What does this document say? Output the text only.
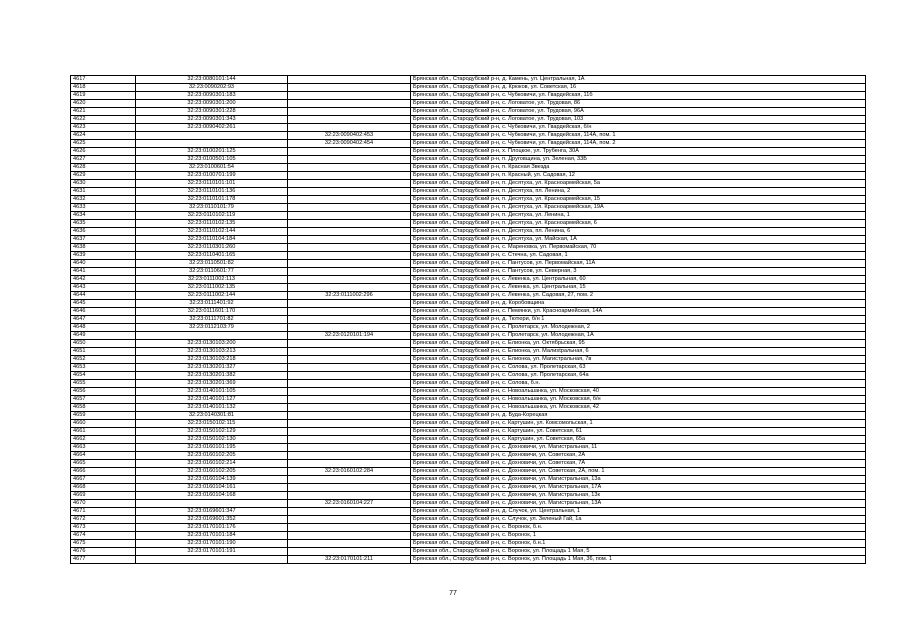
4617	32:23:0080101:144		Брянская обл., Стародубский р-н, д. Камень, ул. Центральная, 1А
4618	32:23:0090202:93		Брянская обл., Стародубский р-н, д. Крюков, ул. Советская, 16
4619	32:23:0090301:183		Брянская обл., Стародубский р-н, с. Чубковичи, ул. Гвардейская, 11б
4620	32:23:0090301:200		Брянская обл., Стародубский р-н, с. Логоватое, ул. Трудовая, 86
4621	32:23:0090301:228		Брянская обл., Стародубский р-н, с. Логоватое, ул. Трудовая, 96А
4622	32:23:0090301:343		Брянская обл., Стародубский р-н, с. Логоватое, ул. Трудовая, 103
4623	32:23:0090402:261		Брянская обл., Стародубский р-н, с. Чубковичи, ул. Гвардейская, б/н
4624		32:23:0090402:453	Брянская обл., Стародубский р-н, с. Чубковичи, ул. Гвардейская, 114А, пом. 1
4625		32:23:0090402:454	Брянская обл., Стародубский р-н, с. Чубковичи, ул. Гвардейская, 114А, пом. 2
4626	32:23:0100201:125		Брянская обл., Стародубский р-н, х. Плоцкое, ул. Трубенга, 30А
4627	32:23:0100501:105		Брянская обл., Стародубский р-н, п. Друговщина, ул. Зеленая, 33Б
4628	32:23:0100601:54		Брянская обл., Стародубский р-н, п. Красная Звезда
4629	32:23:0100701:199		Брянская обл., Стародубский р-н, п. Красный, ул. Садовая, 12
4630	32:23:0110101:101		Брянская обл., Стародубский р-н, п. Десятуха, ул. Красноармейская, 5а
4631	32:23:0110101:136		Брянская обл., Стародубский р-н, п. Десятуха, пл. Ленина, 2
4632	32:23:0110101:178		Брянская обл., Стародубский р-н, п. Десятуха, ул. Красноармейская, 15
4633	32:23:0110101:79		Брянская обл., Стародубский р-н, п. Десятуха, ул. Красноармейская, 19А
4634	32:23:0110102:119		Брянская обл., Стародубский р-н, п. Десятуха, ул. Ленина, 1
4635	32:23:0110102:135		Брянская обл., Стародубский р-н, п. Десятуха, ул. Красноармейская, 6
4636	32:23:0110102:144		Брянская обл., Стародубский р-н, п. Десятуха, пл. Ленина, 6
4637	32:23:0110104:184		Брянская обл., Стародубский р-н, п. Десятуха, ул. Майская, 1А
4638	32:23:0110301:260		Брянская обл., Стародубский р-н, с. Мареновка, ул. Первомайская, 70
4639	32:23:0110401:165		Брянская обл., Стародубский р-н, с. Стечна, ул. Садовая, 1
4640	32:23:0110501:82		Брянская обл., Стародубский р-н, с. Пантусов, ул. Первомайская, 11А
4641	32:23:0110601:77		Брянская обл., Стародубский р-н, с. Пантусов, ул. Северная, 3
4642	32:23:0111002:113		Брянская обл., Стародубский р-н, с. Левенка, ул. Центральная, 60
4643	32:23:0111002:135		Брянская обл., Стародубский р-н, с. Левенка, ул. Центральная, 15
4644	32:23:0111002:144	32:23:0111002:296	Брянская обл., Стародубский р-н, с. Левенка, ул. Садовая, 27, пом. 2
4645	32:23:0111401:92		Брянская обл., Стародубский р-н, д. Коробовщина
4646	32:23:0111601:170		Брянская обл., Стародубский р-н, с. Пемянки, ул. Красноармейская, 14А
4647	32:23:0111701:82		Брянская обл., Стародубский р-н, д. Тютюри, б/н 1
4648	32:23:0112103:79		Брянская обл., Стародубский р-н, с. Пролетарск, ул. Молодежная, 2
4649		32:23:0120101:194	Брянская обл., Стародубский р-н, с. Пролетарск, ул. Молодежная, 1А
4650	32:23:0130103:200		Брянская обл., Стародубский р-н, с. Елионка, ул. Октябрьская, 95
4651	32:23:0130103:213		Брянская обл., Стародубский р-н, с. Елионка, ул. Малиstральная, 6
4652	32:23:0130103:218		Брянская обл., Стародубский р-н, с. Елионка, ул. Магистральная, 7в
4653	32:23:0130201:327		Брянская обл., Стародубский р-н, с. Солова, ул. Пролетарская, 63
4654	32:23:0130201:382		Брянская обл., Стародубский р-н, с. Солова, ул. Пролетарская, 64а
4655	32:23:0130201:369		Брянская обл., Стародубский р-н, с. Солова, б.н.
4656	32:23:0140101:105		Брянская обл., Стародубский р-н, с. Новоальшанка, ул. Московская, 40
4657	32:23:0140101:127		Брянская обл., Стародубский р-н, с. Новоальшанка, ул. Московская, б/н
4658	32:23:0140101:132		Брянская обл., Стародубский р-н, с. Новоальшанка, ул. Московская, 42
4659	32:23:0140301:81		Брянская обл., Стародубский р-н, д. Буда-Корецкая
4660	32:23:0150102:115		Брянская обл., Стародубский р-н, с. Картушин, ул. Комсомольская, 1
4661	32:23:0150102:129		Брянская обл., Стародубский р-н, с. Картушин, ул. Советская, 61
4662	32:23:0150102:130		Брянская обл., Стародубский р-н, с. Картушин, ул. Советская, 65а
4663	32:23:0160101:195		Брянская обл., Стародубский р-н, с. Дохновичи, ул. Магистральная, 11
4664	32:23:0160102:205		Брянская обл., Стародубский р-н, с. Дохновичи, ул. Советская, 2А
4665	32:23:0160102:214		Брянская обл., Стародубский р-н, с. Дохновичи, ул. Советская, 7А
4666	32:23:0160102:205	32:23:0160102:284	Брянская обл., Стародубский р-н, с. Дохновичи, ул. Советская, 2А, пом. 1
4667	32:23:0160104:139		Брянская обл., Стародубский р-н, с. Дохновичи, ул. Магистральная, 13а
4668	32:23:0160104:161		Брянская обл., Стародубский р-н, с. Дохновичи, ул. Магистральная, 17А
4669	32:23:0160104:168		Брянская обл., Стародубский р-н, с. Дохновичи, ул. Магистральная, 13к
4670		32:23:0160104:227	Брянская обл., Стародубский р-н, с. Дохновичи, ул. Магистральная, 13А
4671	32:23:0169601:347		Брянская обл., Стародубский р-н, д. Случок, ул. Центральная, 1
4672	32:23:0169601:352		Брянская обл., Стародубский р-н, с. Случок, ул. Зеленый Гай, 1а
4673	32:23:0170101:176		Брянская обл., Стародубский р-н, с. Воронок, б.н.
4674	32:23:0170101:184		Брянская обл., Стародубский р-н, с. Воронок, 1
4675	32:23:0170101:190		Брянская обл., Стародубский р-н, с. Воронок, б.н.1
4676	32:23:0170101:191		Брянская обл., Стародубский р-н, с. Воронок, ул. Площадь 1 Мая, 5
4677		32:23:0170101:211	Брянская обл., Стародубский р-н, с. Воронок, ул. Площадь 1 Мая, 36, пом. 1
77
